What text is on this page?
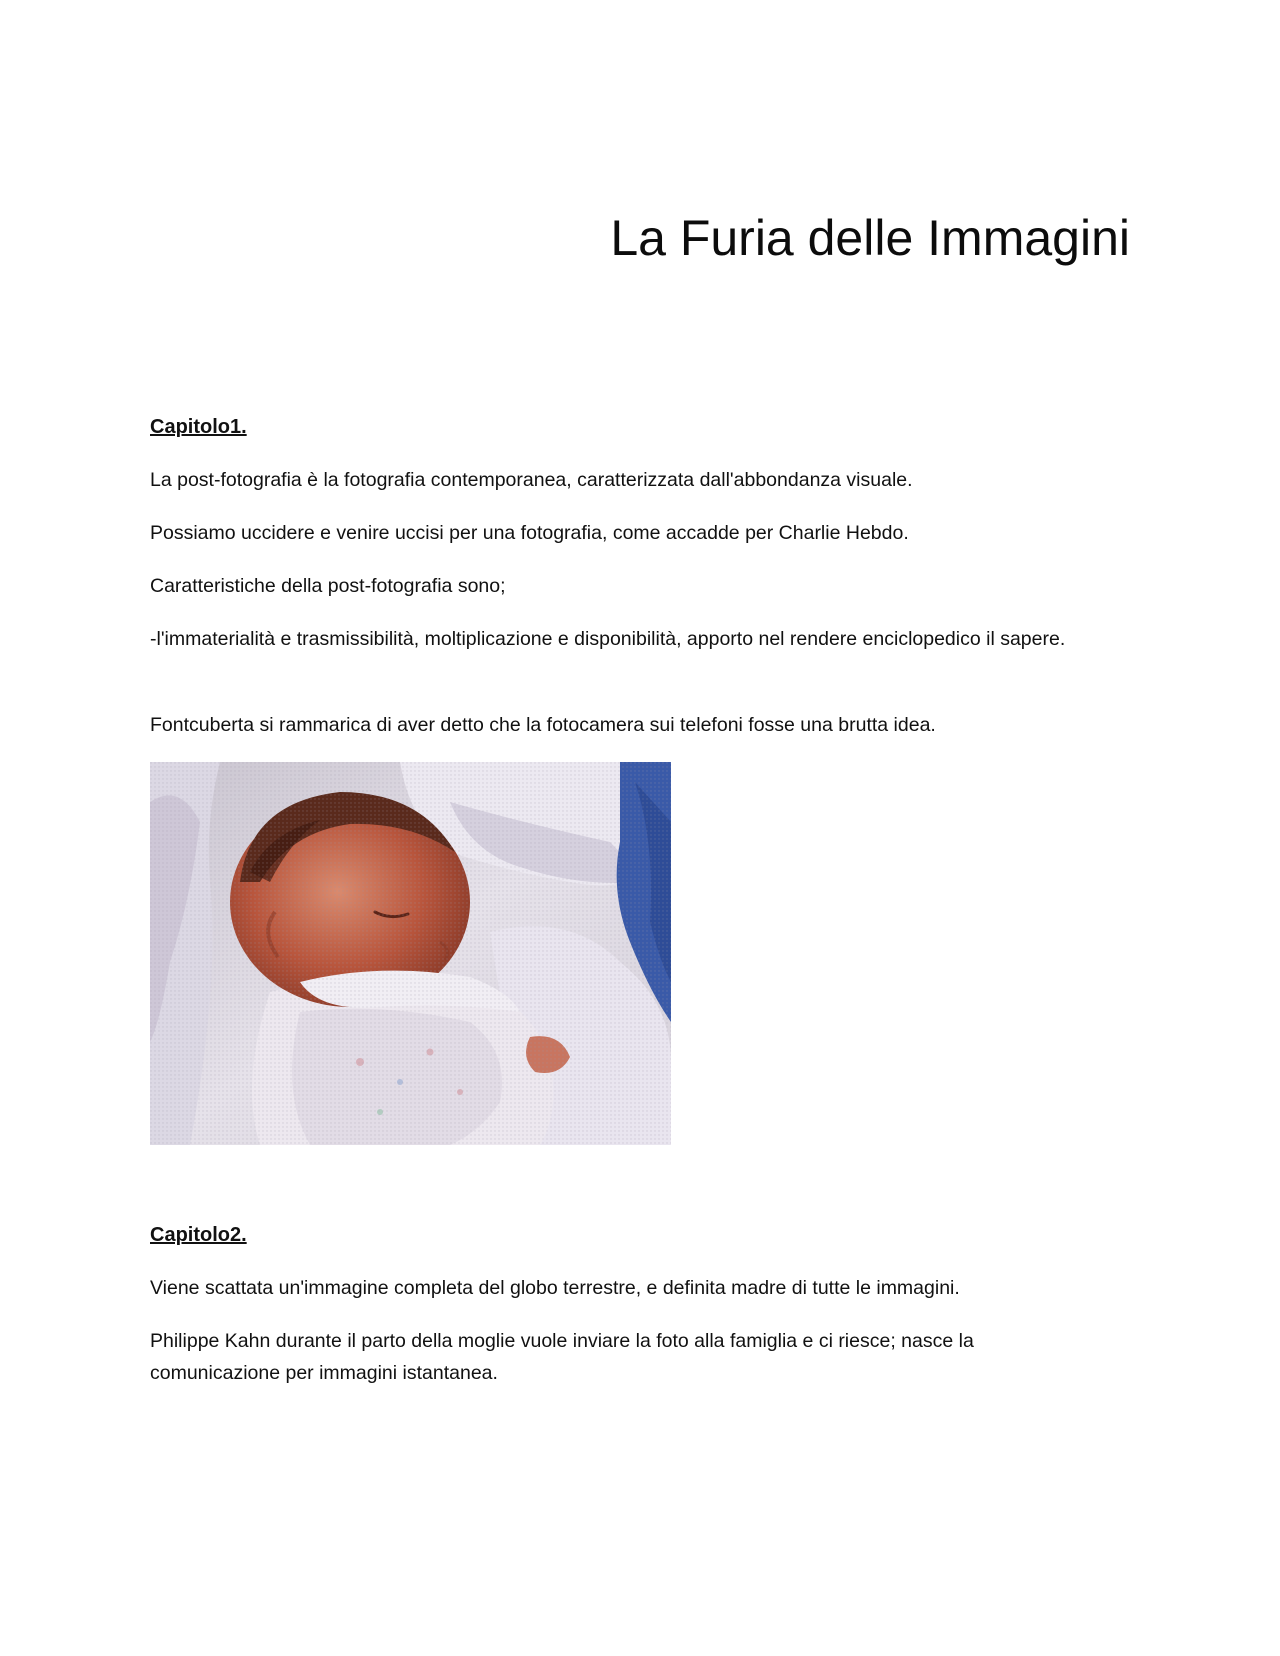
La Furia delle Immagini
Capitolo1.

La post-fotografia è la fotografia contemporanea, caratterizzata dall'abbondanza visuale.

Possiamo uccidere e venire uccisi per una fotografia, come accadde per Charlie Hebdo.

Caratteristiche della post-fotografia sono;

-l'immaterialità e trasmissibilità, moltiplicazione e disponibilità, apporto nel rendere enciclopedico il sapere.

Fontcuberta si rammarica di aver detto che la fotocamera sui telefoni fosse una brutta idea.

Capitolo2.

Viene scattata un'immagine completa del globo terrestre, e definita madre di tutte le immagini.

Philippe Kahn durante il parto della moglie vuole inviare la foto alla famiglia e ci riesce; nasce la comunicazione per immagini istantanea.
